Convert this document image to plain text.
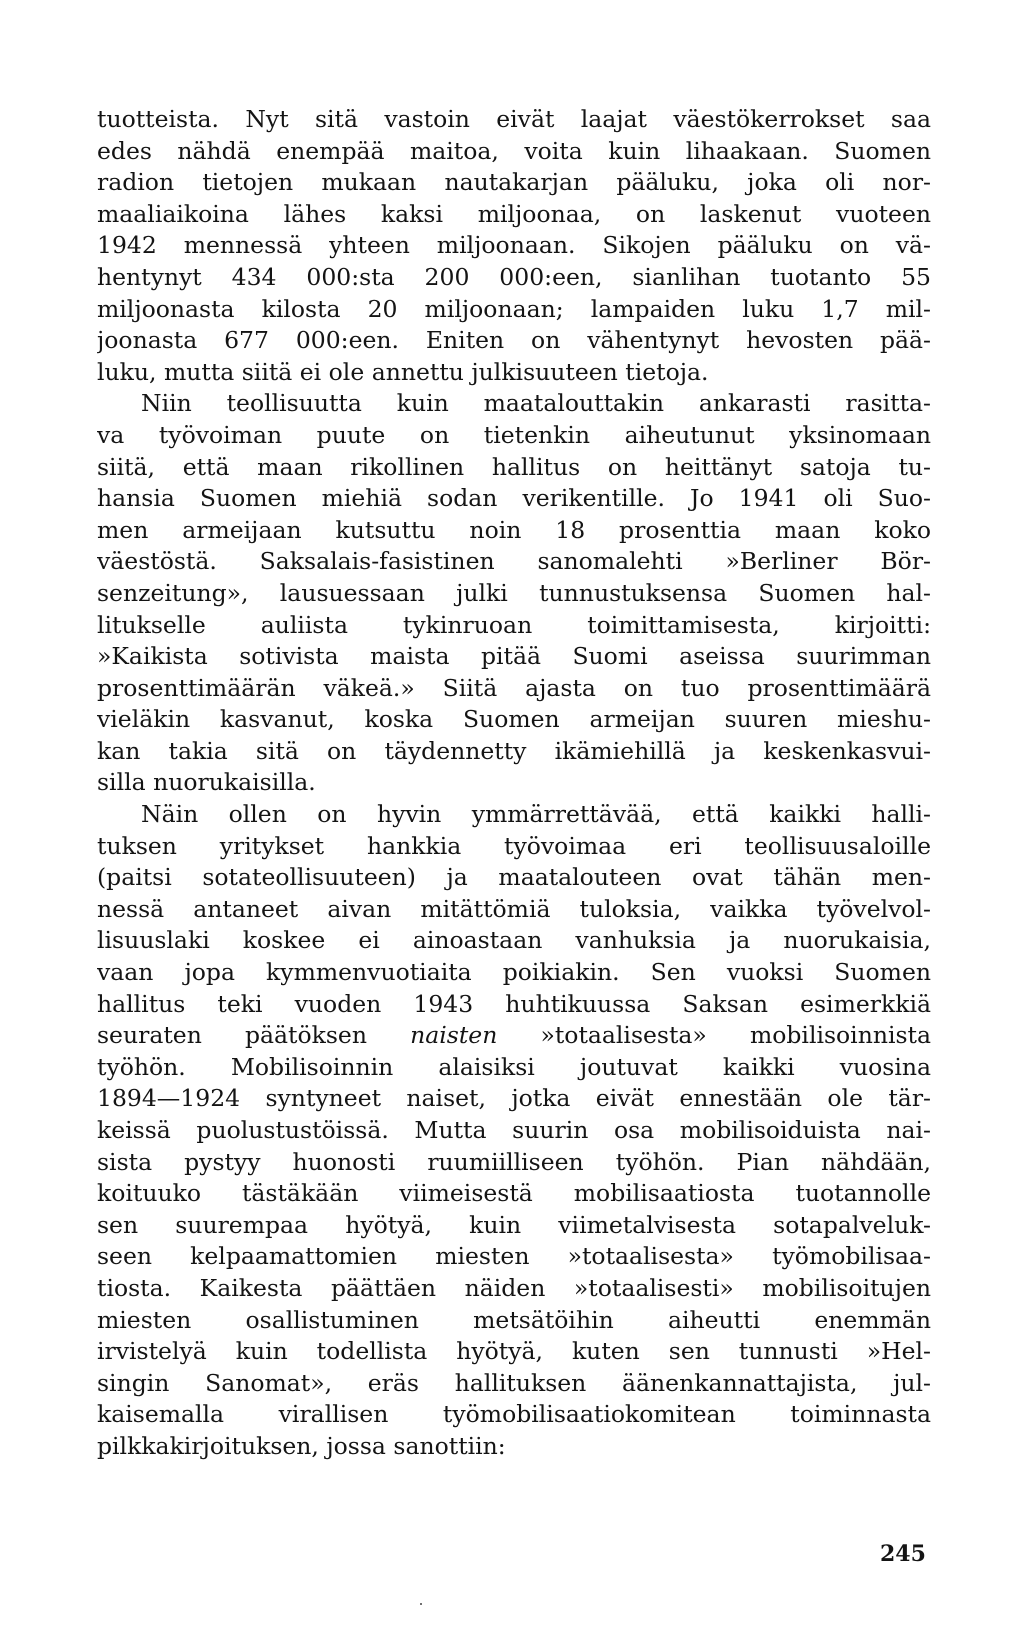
tuotteista. Nyt sitä vastoin eivät laajat väestökerrokset saa
edes nähdä enempää maitoa, voita kuin lihaakaan. Suomen
radion tietojen mukaan nautakarjan pääluku, joka oli nor-
maaliaikoina lähes kaksi miljoonaa, on laskenut vuoteen
1942 mennessä yhteen miljoonaan. Sikojen pääluku on vä-
hentynyt 434 000:sta 200 000:een, sianlihan tuotanto 55
miljoonasta kilosta 20 miljoonaan; lampaiden luku 1,7 mil-
joonasta 677 000:een. Eniten on vähentynyt hevosten pää-
luku, mutta siitä ei ole annettu julkisuuteen tietoja.
Niin teollisuutta kuin maatalouttakin ankarasti rasitta-
va työvoiman puute on tietenkin aiheutunut yksinomaan
siitä, että maan rikollinen hallitus on heittänyt satoja tu-
hansia Suomen miehiä sodan verikentille. Jo 1941 oli Suo-
men armeijaan kutsuttu noin 18 prosenttia maan koko
väestöstä. Saksalais-fasistinen sanomalehti »Berliner Bör-
senzeitung», lausuessaan julki tunnustuksensa Suomen hal-
litukselle auliista tykinruoan toimittamisesta, kirjoitti:
»Kaikista sotivista maista pitää Suomi aseissa suurimman
prosenttimäärän väkeä.» Siitä ajasta on tuo prosenttimäärä
vieläkin kasvanut, koska Suomen armeijan suuren mieshu-
kan takia sitä on täydennetty ikämiehillä ja keskenkasvui-
silla nuorukaisilla.
Näin ollen on hyvin ymmärrettävää, että kaikki halli-
tuksen yritykset hankkia työvoimaa eri teollisuusaloille
(paitsi sotateollisuuteen) ja maatalouteen ovat tähän men-
nessä antaneet aivan mitättömiä tuloksia, vaikka työvelvol-
lisuuslaki koskee ei ainoastaan vanhuksia ja nuorukaisia,
vaan jopa kymmenvuotiaita poikiakin. Sen vuoksi Suomen
hallitus teki vuoden 1943 huhtikuussa Saksan esimerkkiä
seuraten päätöksen naisten »totaalisesta» mobilisoinnista
työhön. Mobilisoinnin alaisiksi joutuvat kaikki vuosina
1894—1924 syntyneet naiset, jotka eivät ennestään ole tär-
keissä puolustustöissä. Mutta suurin osa mobilisoiduista nai-
sista pystyy huonosti ruumiilliseen työhön. Pian nähdään,
koituuko tästäkään viimeisestä mobilisaatiosta tuotannolle
sen suurempaa hyötyä, kuin viimetalvisesta sotapalveluk-
seen kelpaamattomien miesten »totaalisesta» työmobilisaa-
tiosta. Kaikesta päättäen näiden »totaalisesti» mobilisoitujen
miesten osallistuminen metsätöihin aiheutti enemmän
irvistelyä kuin todellista hyötyä, kuten sen tunnusti »Hel-
singin Sanomat», eräs hallituksen äänenkannattajista, jul-
kaisemalla virallisen työmobilisaatiokomitean toiminnasta
pilkkakirjoituksen, jossa sanottiin:
245
